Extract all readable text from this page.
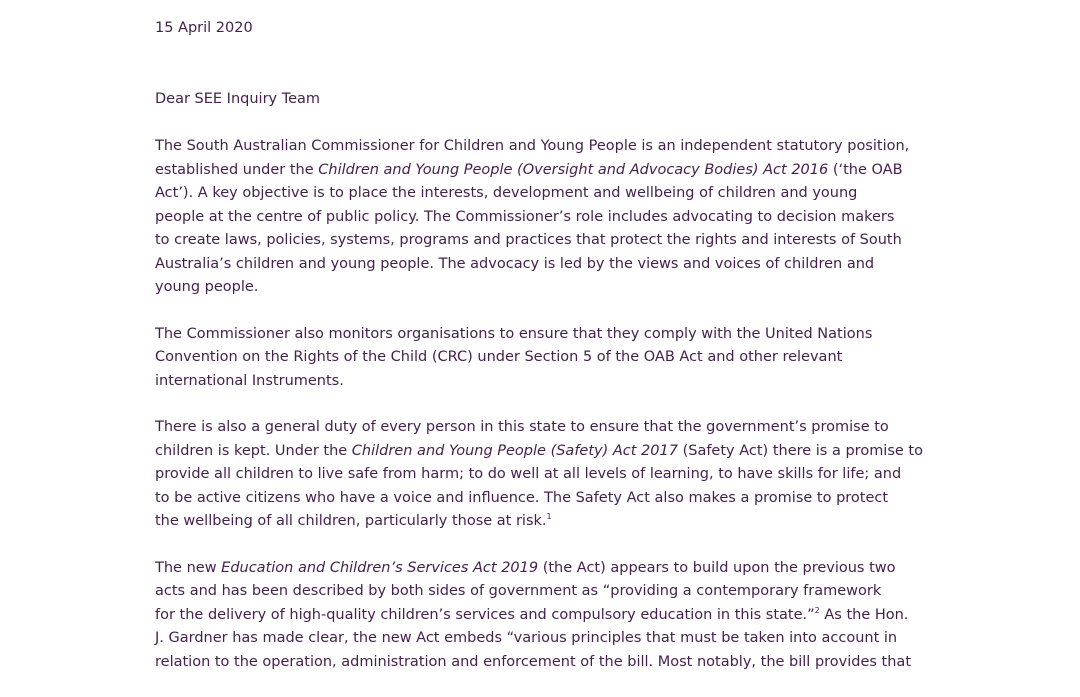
15 April 2020
Dear SEE Inquiry Team
The South Australian Commissioner for Children and Young People is an independent statutory position,
established under the Children and Young People (Oversight and Advocacy Bodies) Act 2016 (‘the OAB
Act’). A key objective is to place the interests, development and wellbeing of children and young
people at the centre of public policy. The Commissioner’s role includes advocating to decision makers
to create laws, policies, systems, programs and practices that protect the rights and interests of South
Australia’s children and young people. The advocacy is led by the views and voices of children and
young people.
The Commissioner also monitors organisations to ensure that they comply with the United Nations
Convention on the Rights of the Child (CRC) under Section 5 of the OAB Act and other relevant
international Instruments.
There is also a general duty of every person in this state to ensure that the government’s promise to
children is kept. Under the Children and Young People (Safety) Act 2017 (Safety Act) there is a promise to
provide all children to live safe from harm; to do well at all levels of learning, to have skills for life; and
to be active citizens who have a voice and influence. The Safety Act also makes a promise to protect
the wellbeing of all children, particularly those at risk.$^1$
The new Education and Children’s Services Act 2019 (the Act) appears to build upon the previous two
acts and has been described by both sides of government as “providing a contemporary framework
for the delivery of high-quality children’s services and compulsory education in this state.”$^2$ As the Hon.
J. Gardner has made clear, the new Act embeds “various principles that must be taken into account in
relation to the operation, administration and enforcement of the bill. Most notably, the bill provides that
